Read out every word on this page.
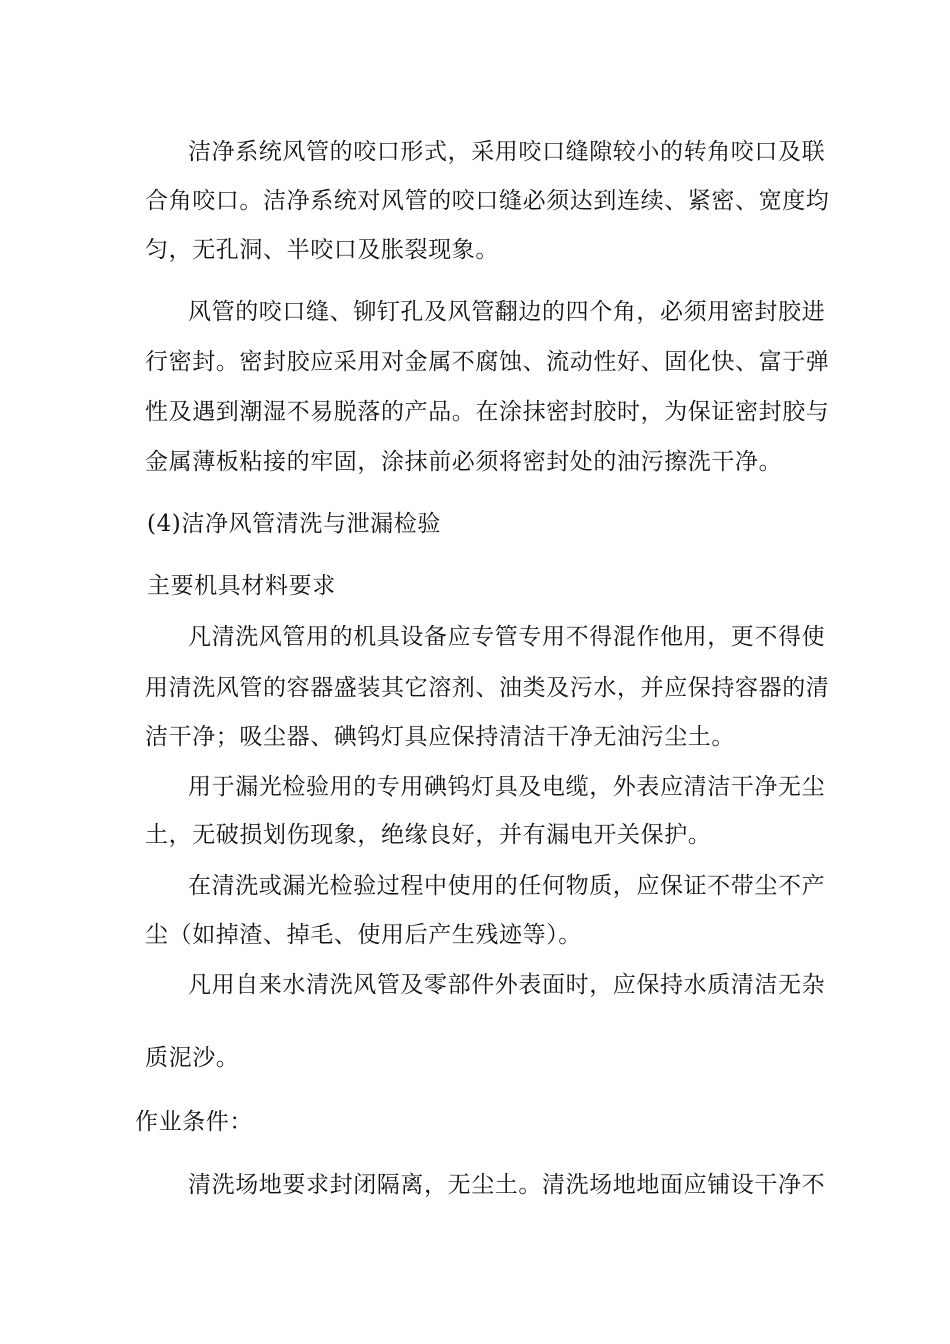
洁净系统风管的咬口形式，采用咬口缝隙较小的转角咬口及联
合角咬口。洁净系统对风管的咬口缝必须达到连续、紧密、宽度均
匀，无孔洞、半咬口及胀裂现象。
风管的咬口缝、铆钉孔及风管翻边的四个角，必须用密封胶进
行密封。密封胶应采用对金属不腐蚀、流动性好、固化快、富于弹
性及遇到潮湿不易脱落的产品。在涂抹密封胶时，为保证密封胶与
金属薄板粘接的牢固，涂抹前必须将密封处的油污擦洗干净。
(4)洁净风管清洗与泄漏检验
主要机具材料要求
凡清洗风管用的机具设备应专管专用不得混作他用，更不得使
用清洗风管的容器盛装其它溶剂、油类及污水，并应保持容器的清
洁干净；吸尘器、碘钨灯具应保持清洁干净无油污尘土。
用于漏光检验用的专用碘钨灯具及电缆，外表应清洁干净无尘
土，无破损划伤现象，绝缘良好，并有漏电开关保护。
在清洗或漏光检验过程中使用的任何物质，应保证不带尘不产
尘（如掉渣、掉毛、使用后产生残迹等）。
凡用自来水清洗风管及零部件外表面时，应保持水质清洁无杂
质泥沙。
作业条件：
清洗场地要求封闭隔离，无尘土。清洗场地地面应铺设干净不
